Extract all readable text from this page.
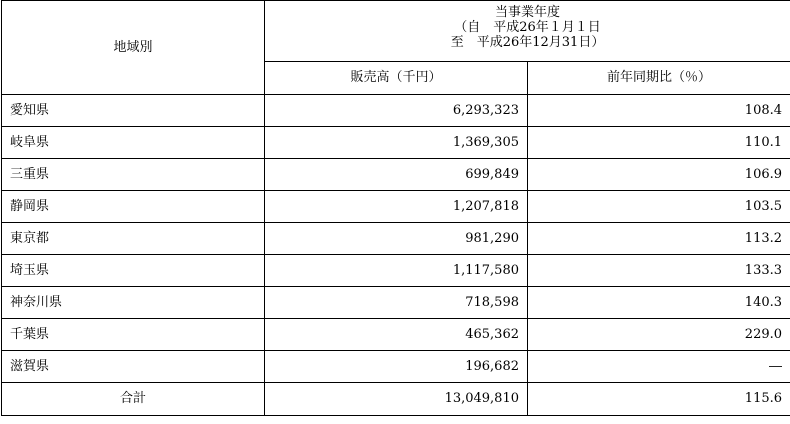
地域別	当事業年度
（自　平成26年１月１日
至　平成26年12月31日）	

	販売高（千円）	前年同期比（％）
愛知県	6,293,323	108.4
岐阜県	1,369,305	110.1
三重県	699,849	106.9
静岡県	1,207,818	103.5
東京都	981,290	113.2
埼玉県	1,117,580	133.3
神奈川県	718,598	140.3
千葉県	465,362	229.0
滋賀県	196,682	―
合計	13,049,810	115.6
